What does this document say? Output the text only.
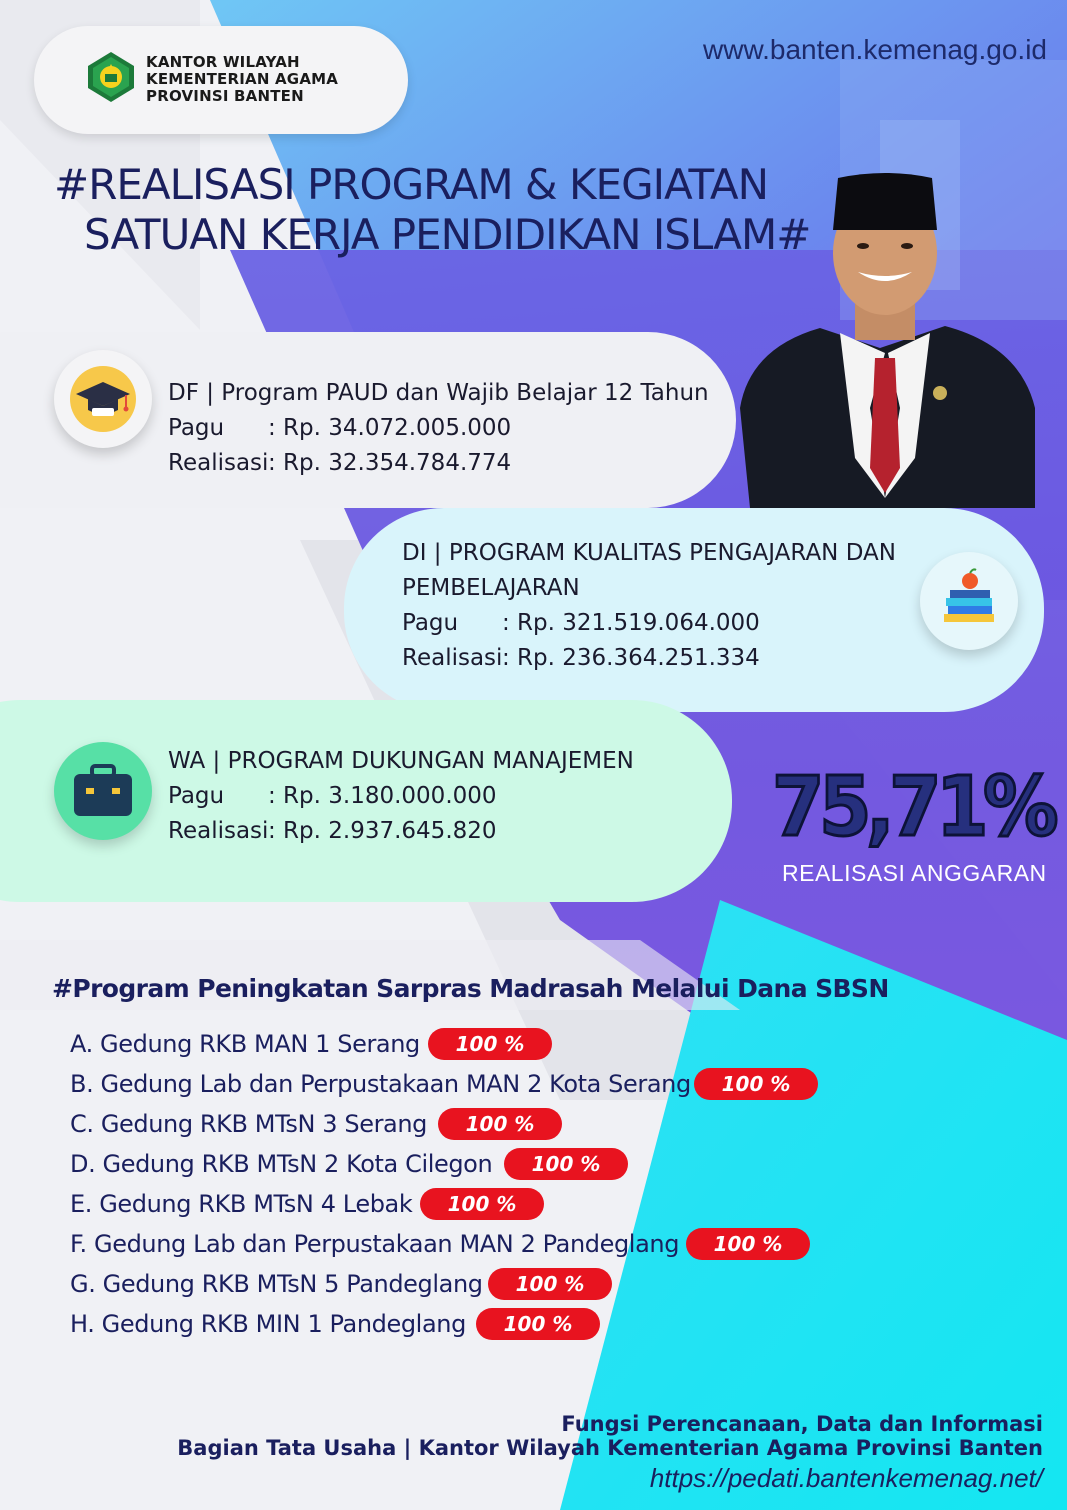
KANTOR WILAYAH
KEMENTERIAN AGAMA
PROVINSI BANTEN
www.banten.kemenag.go.id
#REALISASI PROGRAM & KEGIATAN
SATUAN KERJA PENDIDIKAN ISLAM#
DF | Program PAUD dan Wajib Belajar 12 Tahun
Pagu	: Rp. 34.072.005.000
Realisasi : Rp. 32.354.784.774
DI | PROGRAM KUALITAS PENGAJARAN DAN
PEMBELAJARAN
Pagu	: Rp. 321.519.064.000
Realisasi : Rp. 236.364.251.334
WA | PROGRAM DUKUNGAN MANAJEMEN
Pagu	: Rp. 3.180.000.000
Realisasi : Rp. 2.937.645.820	75,71%
REALISASI ANGGARAN
#Program Peningkatan Sarpras Madrasah Melalui Dana SBSN
A. Gedung RKB MAN 1 Serang	100 %
B. Gedung Lab dan Perpustakaan MAN 2 Kota Serang	100 %
C. Gedung RKB MTsN 3 Serang	100 %
D. Gedung RKB MTsN 2 Kota Cilegon	100 %
E. Gedung RKB MTsN 4 Lebak	100 %
F. Gedung Lab dan Perpustakaan MAN 2 Pandeglang	100 %
G. Gedung RKB MTsN 5 Pandeglang	100 %
H. Gedung RKB MIN 1 Pandeglang	100 %
Fungsi Perencanaan, Data dan Informasi
Bagian Tata Usaha | Kantor Wilayah Kementerian Agama Provinsi Banten
https://pedati.bantenkemenag.net/
